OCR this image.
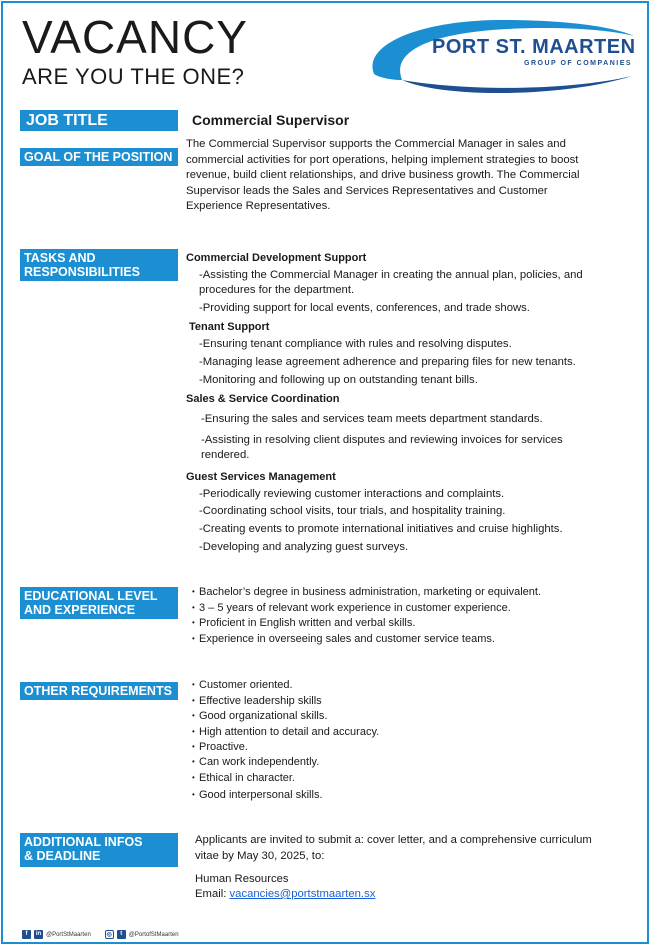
VACANCY
ARE YOU THE ONE?
PORT ST. MAARTEN
GROUP OF COMPANIES
JOB TITLE	Commercial Supervisor
GOAL OF THE POSITION
The Commercial Supervisor supports the Commercial Manager in sales and commercial activities for port operations, helping implement strategies to boost revenue, build client relationships, and drive business growth. The Commercial Supervisor leads the Sales and Services Representatives and Customer Experience Representatives.
TASKS AND
RESPONSIBILITIES
Commercial Development Support
-Assisting the Commercial Manager in creating the annual plan, policies, and procedures for the department.
-Providing support for local events, conferences, and trade shows.
Tenant Support
-Ensuring tenant compliance with rules and resolving disputes.
-Managing lease agreement adherence and preparing files for new tenants.
-Monitoring and following up on outstanding tenant bills.
Sales & Service Coordination
-Ensuring the sales and services team meets department standards.
-Assisting in resolving client disputes and reviewing invoices for services rendered.
Guest Services Management
-Periodically reviewing customer interactions and complaints.
-Coordinating school visits, tour trials, and hospitality training.
-Creating events to promote international initiatives and cruise highlights.
-Developing and analyzing guest surveys.
EDUCATIONAL LEVEL
AND EXPERIENCE
• Bachelor’s degree in business administration, marketing or equivalent.
• 3 – 5 years of relevant work experience in customer experience.
• Proficient in English written and verbal skills.
• Experience in overseeing sales and customer service teams.
OTHER REQUIREMENTS	• Customer oriented.
• Effective leadership skills
• Good organizational skills.
• High attention to detail and accuracy.
• Proactive.
• Can work independently.
• Ethical in character.
• Good interpersonal skills.
ADDITIONAL INFOS
& DEADLINE
Applicants are invited to submit a: cover letter, and a comprehensive curriculum vitae by May 30, 2025, to:
Human Resources
Email: vacancies@portstmaarten.sx
f	in @PortStMaarten	◎	t	@PortofStMaarten
